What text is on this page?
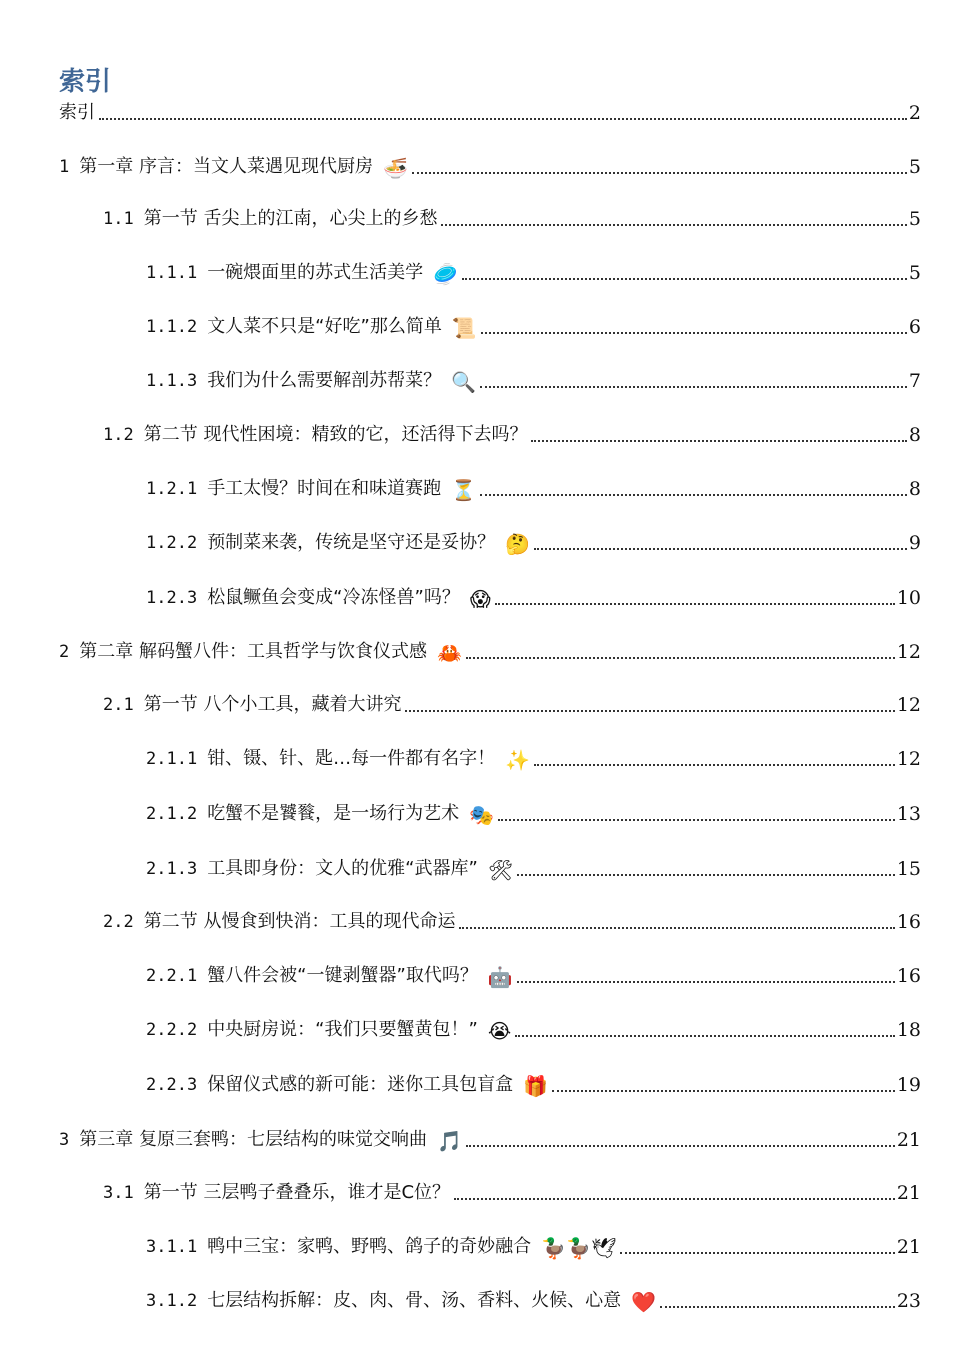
索引
索引	2
1 第一章 序言：当文人菜遇见现代厨房 🍜	5
1.1 第一节 舌尖上的江南，心尖上的乡愁	5
1.1.1 一碗煨面里的苏式生活美学 🥏	5
1.1.2 文人菜不只是“好吃”那么简单 📜	6
1.1.3 我们为什么需要解剖苏帮菜？ 🔍	7
1.2 第二节 现代性困境：精致的它，还活得下去吗？	8
1.2.1 手工太慢？时间在和味道赛跑 ⏳	8
1.2.2 预制菜来袭，传统是坚守还是妥协？ 🤔	9
1.2.3 松鼠鳜鱼会变成“冷冻怪兽”吗？ 😱	10
2 第二章 解码蟹八件：工具哲学与饮食仪式感 🦀	12
2.1 第一节 八个小工具，藏着大讲究	12
2.1.1 钳、镊、针、匙…每一件都有名字！ ✨	12
2.1.2 吃蟹不是饕餮，是一场行为艺术 🎭	13
2.1.3 工具即身份：文人的优雅“武器库” 🛠	15
2.2 第二节 从慢食到快消：工具的现代命运	16
2.2.1 蟹八件会被“一键剥蟹器”取代吗？ 🤖	16
2.2.2 中央厨房说：“我们只要蟹黄包！” 😭	18
2.2.3 保留仪式感的新可能：迷你工具包盲盒 🎁	19
3 第三章 复原三套鸭：七层结构的味觉交响曲 🎵	21
3.1 第一节 三层鸭子叠叠乐，谁才是C位？	21
3.1.1 鸭中三宝：家鸭、野鸭、鸽子的奇妙融合 🦆🦆🕊	21
3.1.2 七层结构拆解：皮、肉、骨、汤、香料、火候、心意 ❤️	23
